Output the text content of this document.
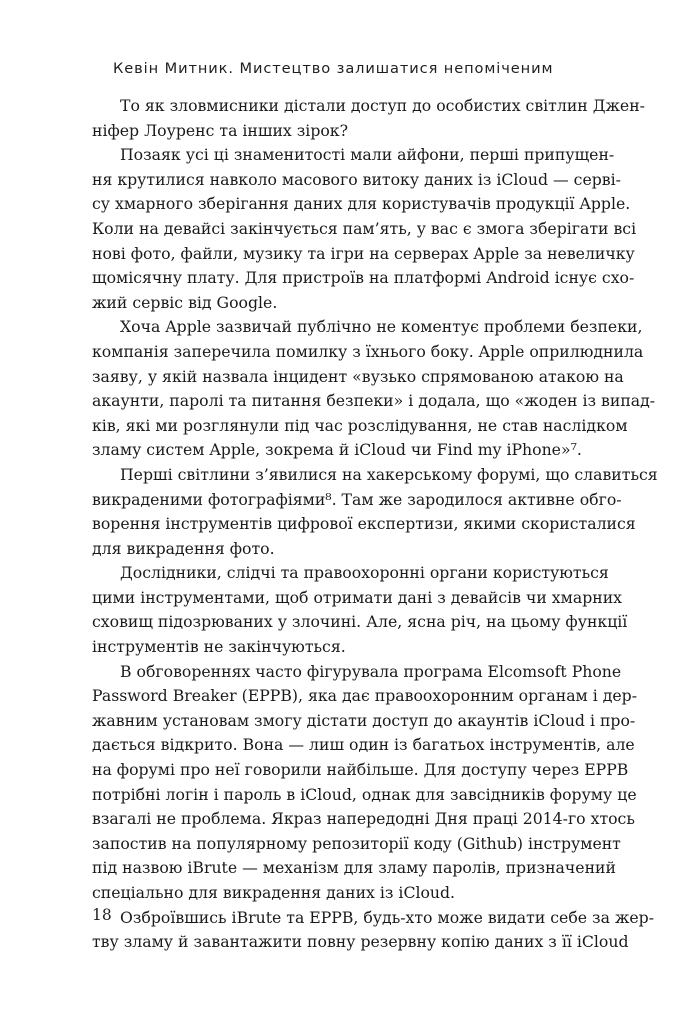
Кевін Митник. Мистецтво залишатися непоміченим

То як зловмисники дістали доступ до особистих світлин Джен-
ніфер Лоуренс та інших зірок?

Позаяк усі ці знаменитості мали айфони, перші припущен-
ня крутилися навколо масового витоку даних із iCloud — серві-
су хмарного зберігання даних для користувачів продукції Apple.
Коли на девайсі закінчується пам’ять, у вас є змога зберігати всі
нові фото, файли, музику та ігри на серверах Apple за невеличку
щомісячну плату. Для пристроїв на платформі Android існує схо-
жий сервіс від Google.

Хоча Apple зазвичай публічно не коментує проблеми безпеки,
компанія заперечила помилку з їхнього боку. Apple оприлюднила
заяву, у якій назвала інцидент «вузько спрямованою атакою на
акаунти, паролі та питання безпеки» і додала, що «жоден із випад-
ків, які ми розглянули під час розслідування, не став наслідком
зламу систем Apple, зокрема й iCloud чи Find my iPhone»⁷.

Перші світлини з’явилися на хакерському форумі, що славиться
викраденими фотографіями⁸. Там же зародилося активне обго-
ворення інструментів цифрової експертизи, якими скористалися
для викрадення фото.

Дослідники, слідчі та правоохоронні органи користуються
цими інструментами, щоб отримати дані з девайсів чи хмарних
сховищ підозрюваних у злочині. Але, ясна річ, на цьому функції
інструментів не закінчуються.

В обговореннях часто фігурувала програма Elcomsoft Phone
Password Breaker (EPPB), яка дає правоохоронним органам і дер-
жавним установам змогу дістати доступ до акаунтів iCloud і про-
дається відкрито. Вона — лиш один із багатьох інструментів, але
на форумі про неї говорили найбільше. Для доступу через EPPB
потрібні логін і пароль в iCloud, однак для завсідників форуму це
взагалі не проблема. Якраз напередодні Дня праці 2014-го хтось
запостив на популярному репозиторії коду (Github) інструмент
під назвою iBrute — механізм для зламу паролів, призначений
спеціально для викрадення даних із iCloud.

Озброївшись iBrute та EPPB, будь-хто може видати себе за жер-
тву зламу й завантажити повну резервну копію даних з її iCloud

18
